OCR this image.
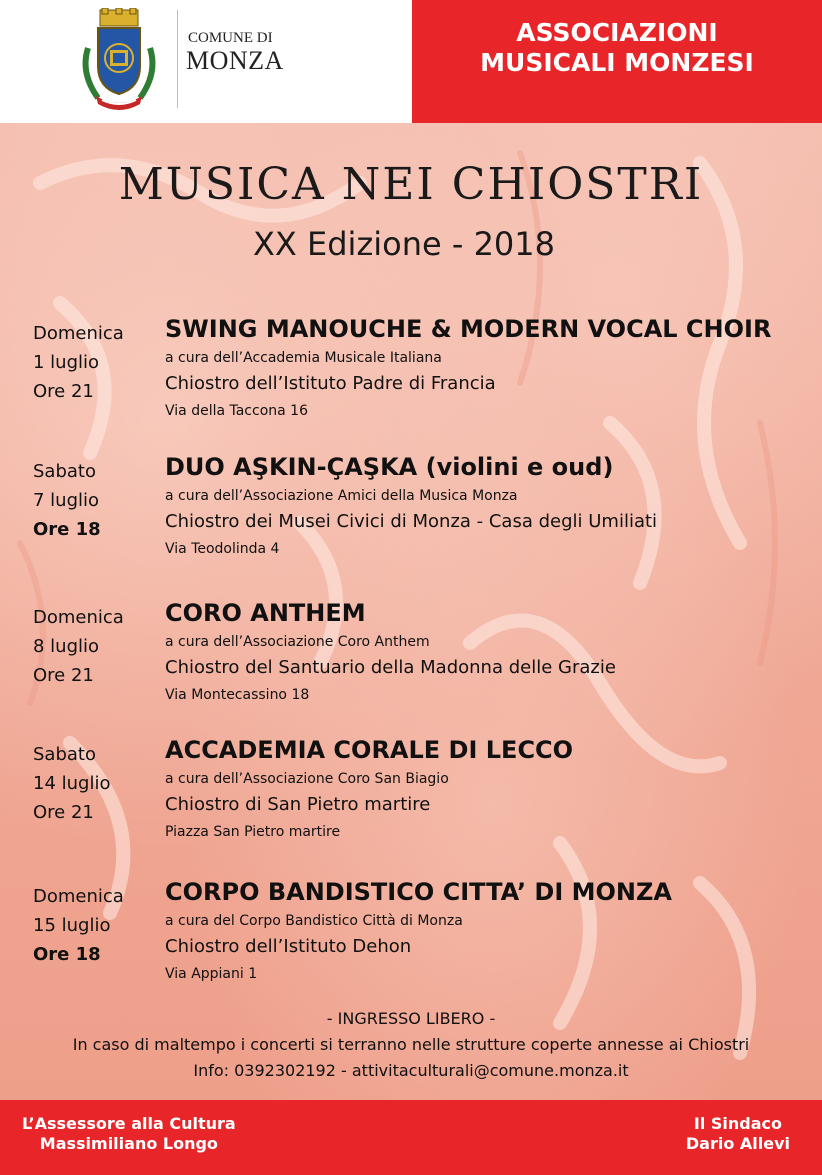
COMUNE DI
MONZA
ASSOCIAZIONI
MUSICALI MONZESI
MUSICA NEI CHIOSTRI
XX Edizione - 2018
Domenica
1 luglio
Ore 21
SWING MANOUCHE & MODERN VOCAL CHOIR
a cura dell’Accademia Musicale Italiana
Chiostro dell’Istituto Padre di Francia
Via della Taccona 16
Sabato
7 luglio
Ore 18
DUO AŞKIN-ÇAŞKA (violini e oud)
a cura dell’Associazione Amici della Musica Monza
Chiostro dei Musei Civici di Monza - Casa degli Umiliati
Via Teodolinda 4
Domenica
8 luglio
Ore 21
CORO ANTHEM
a cura dell’Associazione Coro Anthem
Chiostro del Santuario della Madonna delle Grazie
Via Montecassino 18
Sabato
14 luglio
Ore 21
ACCADEMIA CORALE DI LECCO
a cura dell’Associazione Coro San Biagio
Chiostro di San Pietro martire
Piazza San Pietro martire
Domenica
15 luglio
Ore 18
CORPO BANDISTICO CITTA’ DI MONZA
a cura del Corpo Bandistico Città di Monza
Chiostro dell’Istituto Dehon
Via Appiani 1
- INGRESSO LIBERO -
In caso di maltempo i concerti si terranno nelle strutture coperte annesse ai Chiostri
Info: 0392302192 - attivitaculturali@comune.monza.it
L’Assessore alla Cultura
Massimiliano Longo
Il Sindaco
Dario Allevi
